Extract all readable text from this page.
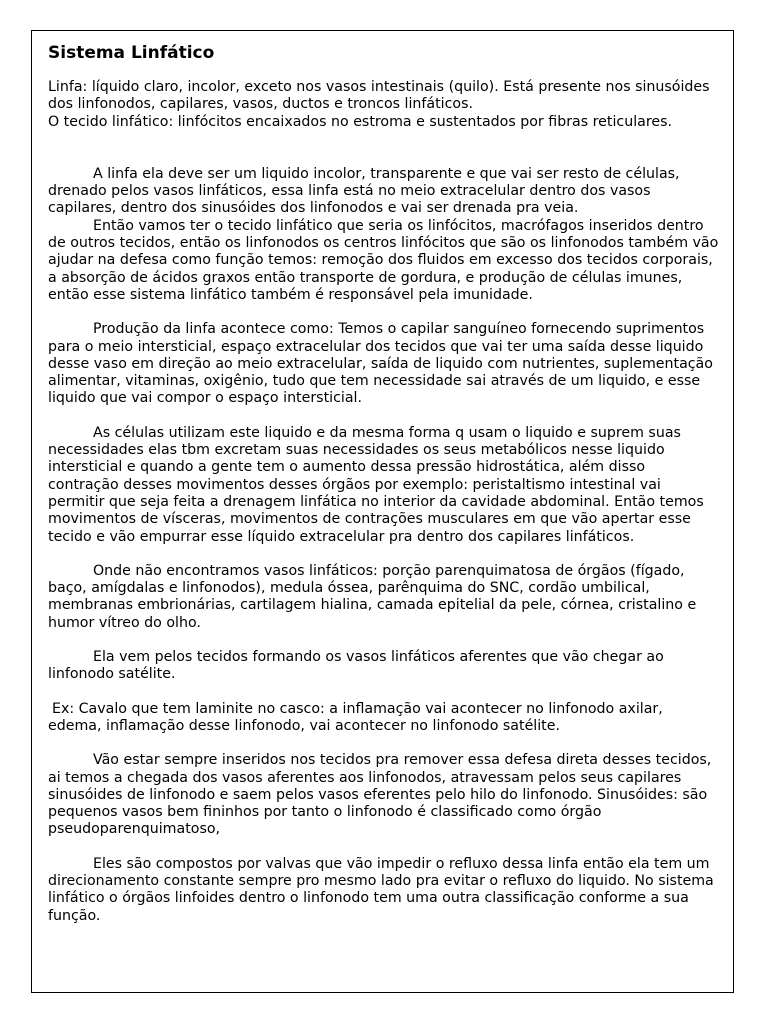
Sistema Linfático

Linfa: líquido claro, incolor, exceto nos vasos intestinais (quilo). Está presente nos sinusóides dos linfonodos, capilares, vasos, ductos e troncos linfáticos.

O tecido linfático: linfócitos encaixados no estroma e sustentados por fibras reticulares.

A linfa ela deve ser um liquido incolor, transparente e que vai ser resto de células, drenado pelos vasos linfáticos, essa linfa está no meio extracelular dentro dos vasos capilares, dentro dos sinusóides dos linfonodos e vai ser drenada pra veia.

Então vamos ter o tecido linfático que seria os linfócitos, macrófagos inseridos dentro de outros tecidos, então os linfonodos os centros linfócitos que são os linfonodos também vão ajudar na defesa como função temos: remoção dos fluidos em excesso dos tecidos corporais, a absorção de ácidos graxos então transporte de gordura, e produção de células imunes, então esse sistema linfático também é responsável pela imunidade.

Produção da linfa acontece como: Temos o capilar sanguíneo fornecendo suprimentos para o meio intersticial, espaço extracelular dos tecidos que vai ter uma saída desse liquido desse vaso em direção ao meio extracelular, saída de liquido com nutrientes, suplementação alimentar, vitaminas, oxigênio, tudo que tem necessidade sai através de um liquido, e esse liquido que vai compor o espaço intersticial.

As células utilizam este liquido e da mesma forma q usam o liquido e suprem suas necessidades elas tbm excretam suas necessidades os seus metabólicos nesse liquido intersticial e quando a gente tem o aumento dessa pressão hidrostática, além disso contração desses movimentos desses órgãos por exemplo: peristaltismo intestinal vai permitir que seja feita a drenagem linfática no interior da cavidade abdominal. Então temos movimentos de vísceras, movimentos de contrações musculares em que vão apertar esse tecido e vão empurrar esse líquido extracelular pra dentro dos capilares linfáticos.

Onde não encontramos vasos linfáticos: porção parenquimatosa de órgãos (fígado, baço, amígdalas e linfonodos), medula óssea, parênquima do SNC, cordão umbilical, membranas embrionárias, cartilagem hialina, camada epitelial da pele, córnea, cristalino e humor vítreo do olho.

Ela vem pelos tecidos formando os vasos linfáticos aferentes que vão chegar ao linfonodo satélite.

Ex: Cavalo que tem laminite no casco: a inflamação vai acontecer no linfonodo axilar, edema, inflamação desse linfonodo, vai acontecer no linfonodo satélite.

Vão estar sempre inseridos nos tecidos pra remover essa defesa direta desses tecidos, ai temos a chegada dos vasos aferentes aos linfonodos, atravessam pelos seus capilares sinusóides de linfonodo e saem pelos vasos eferentes pelo hilo do linfonodo. Sinusóides: são pequenos vasos bem fininhos por tanto o linfonodo é classificado como órgão pseudoparenquimatoso,

Eles são compostos por valvas que vão impedir o refluxo dessa linfa então ela tem um direcionamento constante sempre pro mesmo lado pra evitar o refluxo do liquido. No sistema linfático o órgãos linfoides dentro o linfonodo tem uma outra classificação conforme a sua função.
